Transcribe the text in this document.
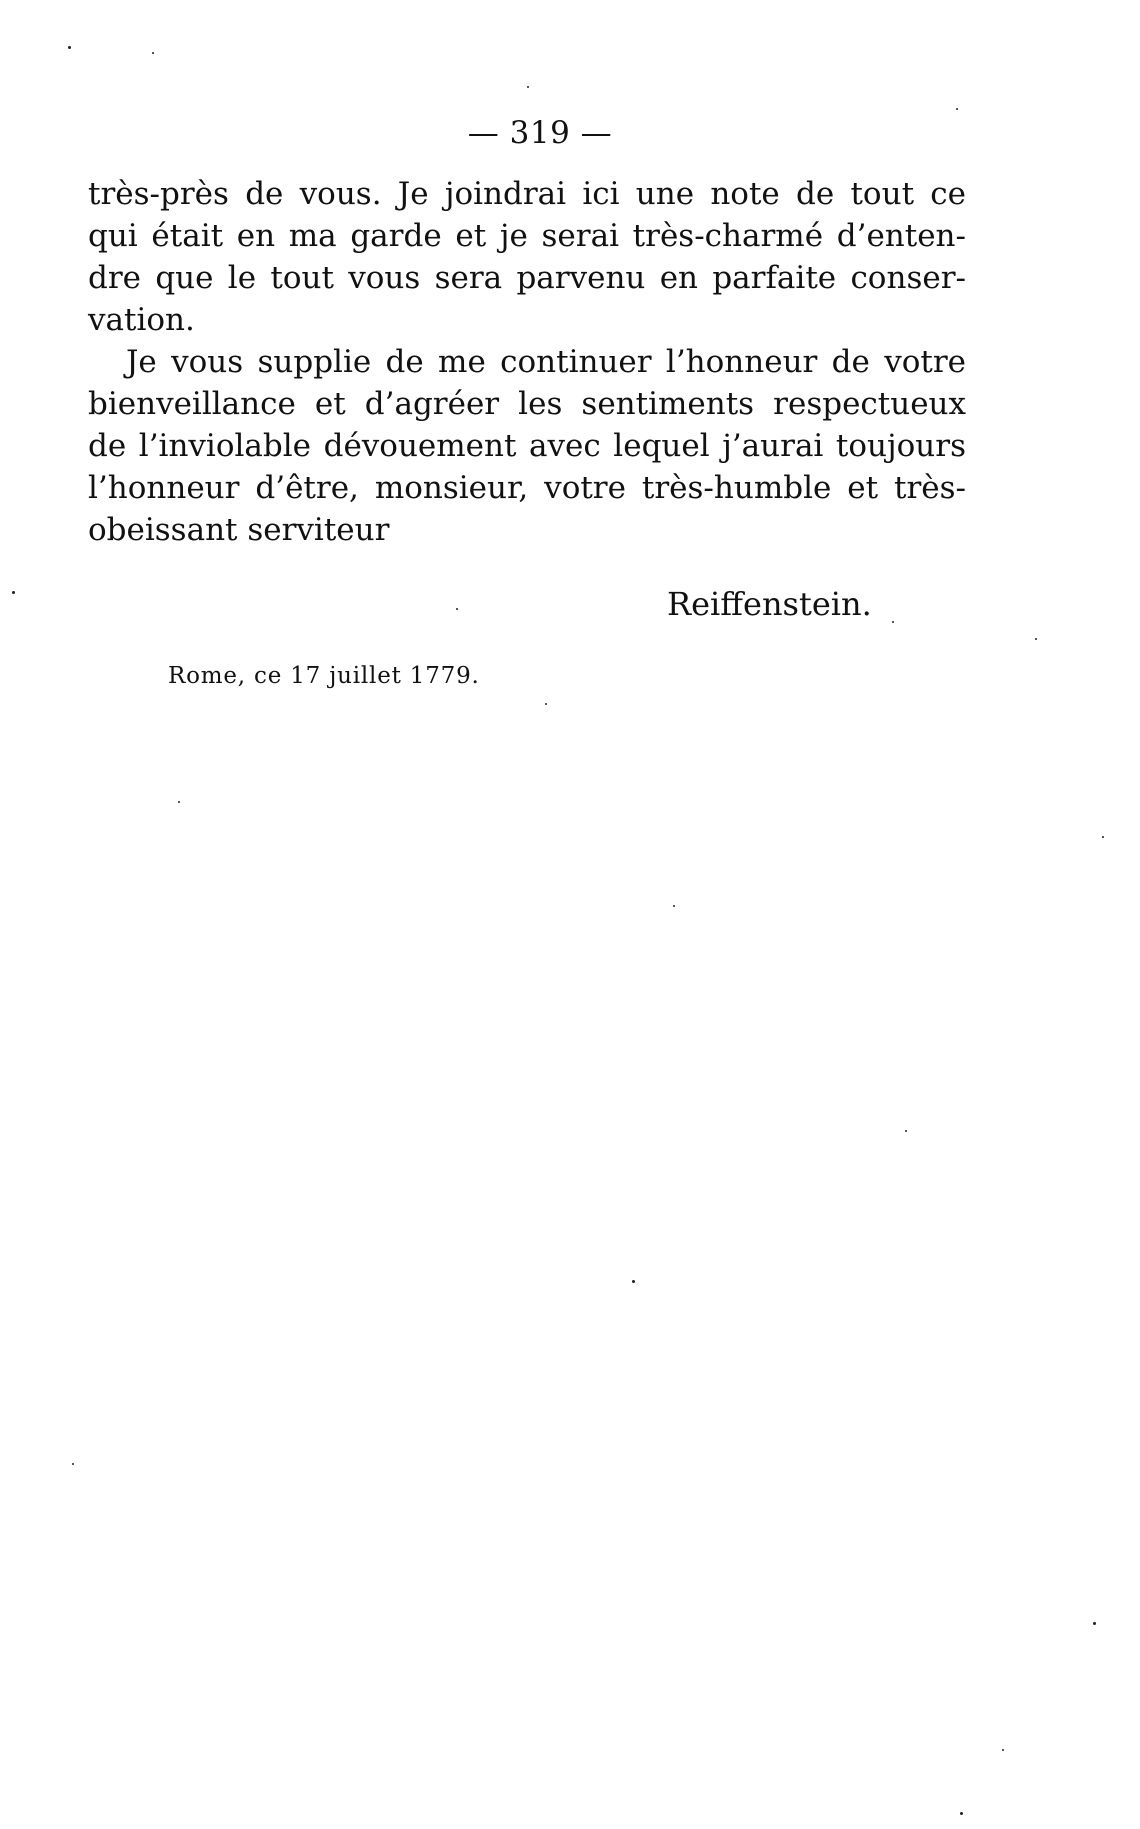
— 319 —
très-près de vous. Je joindrai ici une note de tout ce
qui était en ma garde et je serai très-charmé d’enten-
dre que le tout vous sera parvenu en parfaite conser-
vation.
Je vous supplie de me continuer l’honneur de votre
bienveillance et d’agréer les sentiments respectueux
de l’inviolable dévouement avec lequel j’aurai toujours
l’honneur d’être, monsieur, votre très-humble et très-
obeissant serviteur
Reiffenstein.
Rome, ce 17 juillet 1779.
